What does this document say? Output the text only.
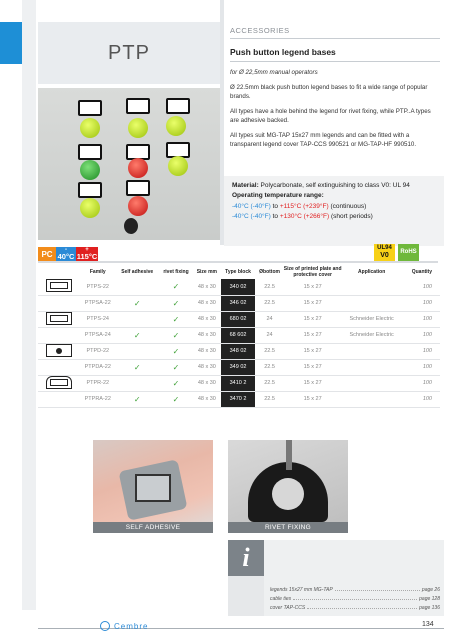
PTP
ACCESSORIES
Push button legend bases

for Ø 22,5mm manual operators

Ø 22.5mm black push button legend bases to fit a wide range of popular brands.

All types have a hole behind the legend for rivet fixing, while PTP..A types are adhesive backed.

All types suit MG-TAP 15x27 mm legends and can be fitted with a transparent legend cover TAP-CCS 990521 or MG-TAP-HF 990510.

Material: Polycarbonate, self extinguishing to class V0: UL 94
Operating temperature range:
-40°C (-40°F) to +115°C (+239°F) (continuous)
-40°C (-40°F) to +130°C (+266°F) (short periods)
PC	-
40°C
+
115°C
UL94
V0	RoHS
	Family	Self adhesive	rivet fixing	Size mm	Type block	Øbottom	Size of printed plate and protective cover	Application	Quantity

	PTPS-22		✓	48 x 30	340 02	22.5	15 x 27		100
	PTPSA-22	✓	✓	48 x 30	346 02	22.5	15 x 27		100

	PTPS-24		✓	48 x 30	680 02	24	15 x 27	Schneider Electric	100
	PTPSA-24	✓	✓	48 x 30	68 602	24	15 x 27	Schneider Electric	100

	PTPD-22		✓	48 x 30	348 02	22.5	15 x 27		100
	PTPDA-22	✓	✓	48 x 30	349 02	22.5	15 x 27		100

	PTPR-22		✓	48 x 30	3410 2	22.5	15 x 27		100
	PTPRA-22	✓	✓	48 x 30	3470 2	22.5	15 x 27		100
SELF ADHESIVE	RIVET FIXING
i
legends 15x27 mm MG-TAP	page 26
cable ties	page 128
cover TAP-CCS	page 136
Cembre	134
